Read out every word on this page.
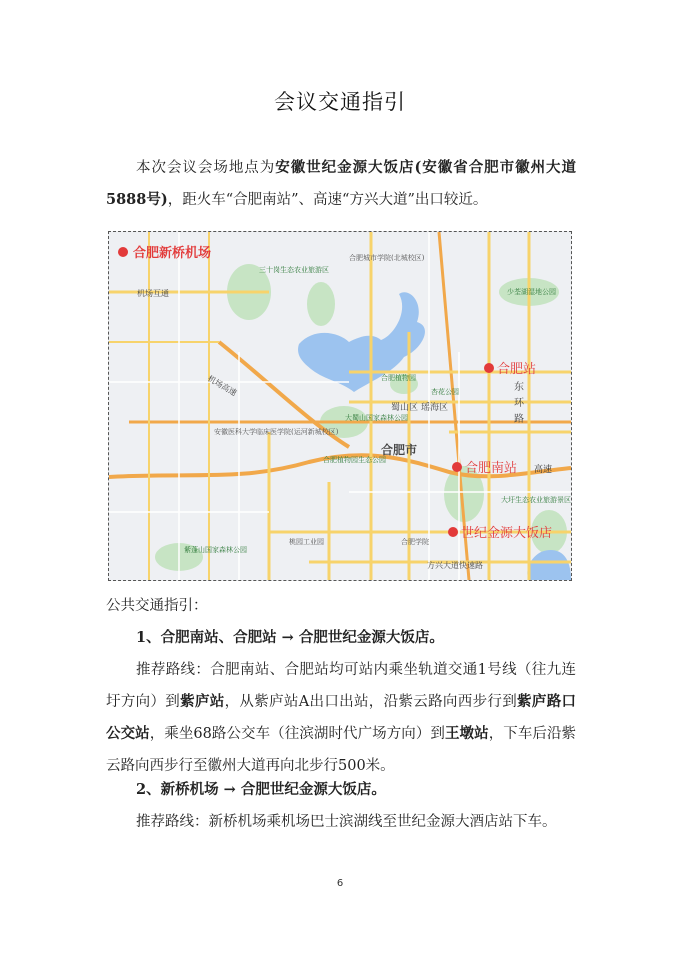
会议交通指引
本次会议会场地点为安徽世纪金源大饭店(安徽省合肥市徽州大道5888号)，距火车“合肥南站”、高速“方兴大道”出口较近。
合肥新桥机场
合肥站
合肥南站 高速
世纪金源大饭店
合肥市
蜀山区 瑶海区
东
环
路
机场高速
机场互通
方兴大道快速路
大蜀山国家森林公园
合肥植物园
杏花公园
紫蓬山国家森林公园
三十岗生态农业旅游区
合肥城市学院(北城校区)
安徽医科大学临床医学院(运河新城校区)
合肥学院
合肥植物园生态公园
大圩生态农业旅游景区
少荃湖湿地公园
桃园工业园
公共交通指引：
1、合肥南站、合肥站 → 合肥世纪金源大饭店。
推荐路线：合肥南站、合肥站均可站内乘坐轨道交通1号线（往九连圩方向）到紫庐站，从紫庐站A出口出站，沿紫云路向西步行到紫庐路口公交站，乘坐68路公交车（往滨湖时代广场方向）到王墩站，下车后沿紫云路向西步行至徽州大道再向北步行500米。
2、新桥机场 → 合肥世纪金源大饭店。
推荐路线：新桥机场乘机场巴士滨湖线至世纪金源大酒店站下车。
6
